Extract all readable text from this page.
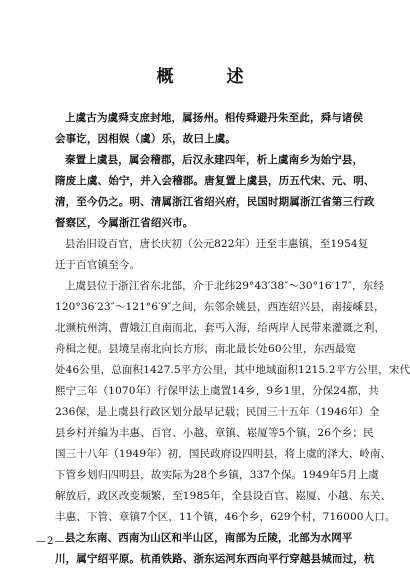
概　述
上虞古为虞舜支庶封地，属扬州。相传舜避丹朱至此，舜与诸侯
会事讫，因相娱（虞）乐，故曰上虞。
秦置上虞县，属会稽郡，后汉永建四年，析上虞南乡为始宁县，
隋废上虞、始宁，并入会稽郡。唐复置上虞县，历五代宋、元、明、
清，至今仍之。明、清属浙江省绍兴府，民国时期属浙江省第三行政
督察区，今属浙江省绍兴市。
县治旧设百官，唐长庆初（公元822年）迁至丰惠镇，至1954复
迁于百官镇至今。
上虞县位于浙江省东北部，介于北纬29°43′38″～30°16′17″，东经
120°36′23″～121°6′9″之间，东邻余姚县，西连绍兴县，南接嵊县，
北濒杭州湾，曹娥江自南而北，套丐入海，给两岸人民带来灌溉之利，
舟楫之便。县境呈南北向长方形，南北最长处60公里，东西最宽
处46公里，总面积1427.5平方公里，其中地域面积1215.2平方公里，宋代
熙宁三年（1070年）行保甲法上虞置14乡，9乡1里，分保24都，共
236保，是上虞县行政区划分最早记载；民国三十五年（1946年）全
县乡村并编为丰惠、百官、小越、章镇、崧厦等5个镇，26个乡；民
国三十八年（1949年）初，国民政府设四明县，将上虞的泽大、岭南、
下管乡划归四明县，故实际为28个乡镇，337个保。1949年5月上虞
解放后，政区改变频繁，至1985年，全县设百官、崧厦、小越、东关、
丰惠、下管、章镇7个区，11个镇，46个乡，629个村，716000人口。
县之东南、西南为山区和半山区，南部为丘陵，北部为水网平
川，属宁绍平原。杭甬铁路、浙东运河东西向平行穿越县城而过，杭
—2—
